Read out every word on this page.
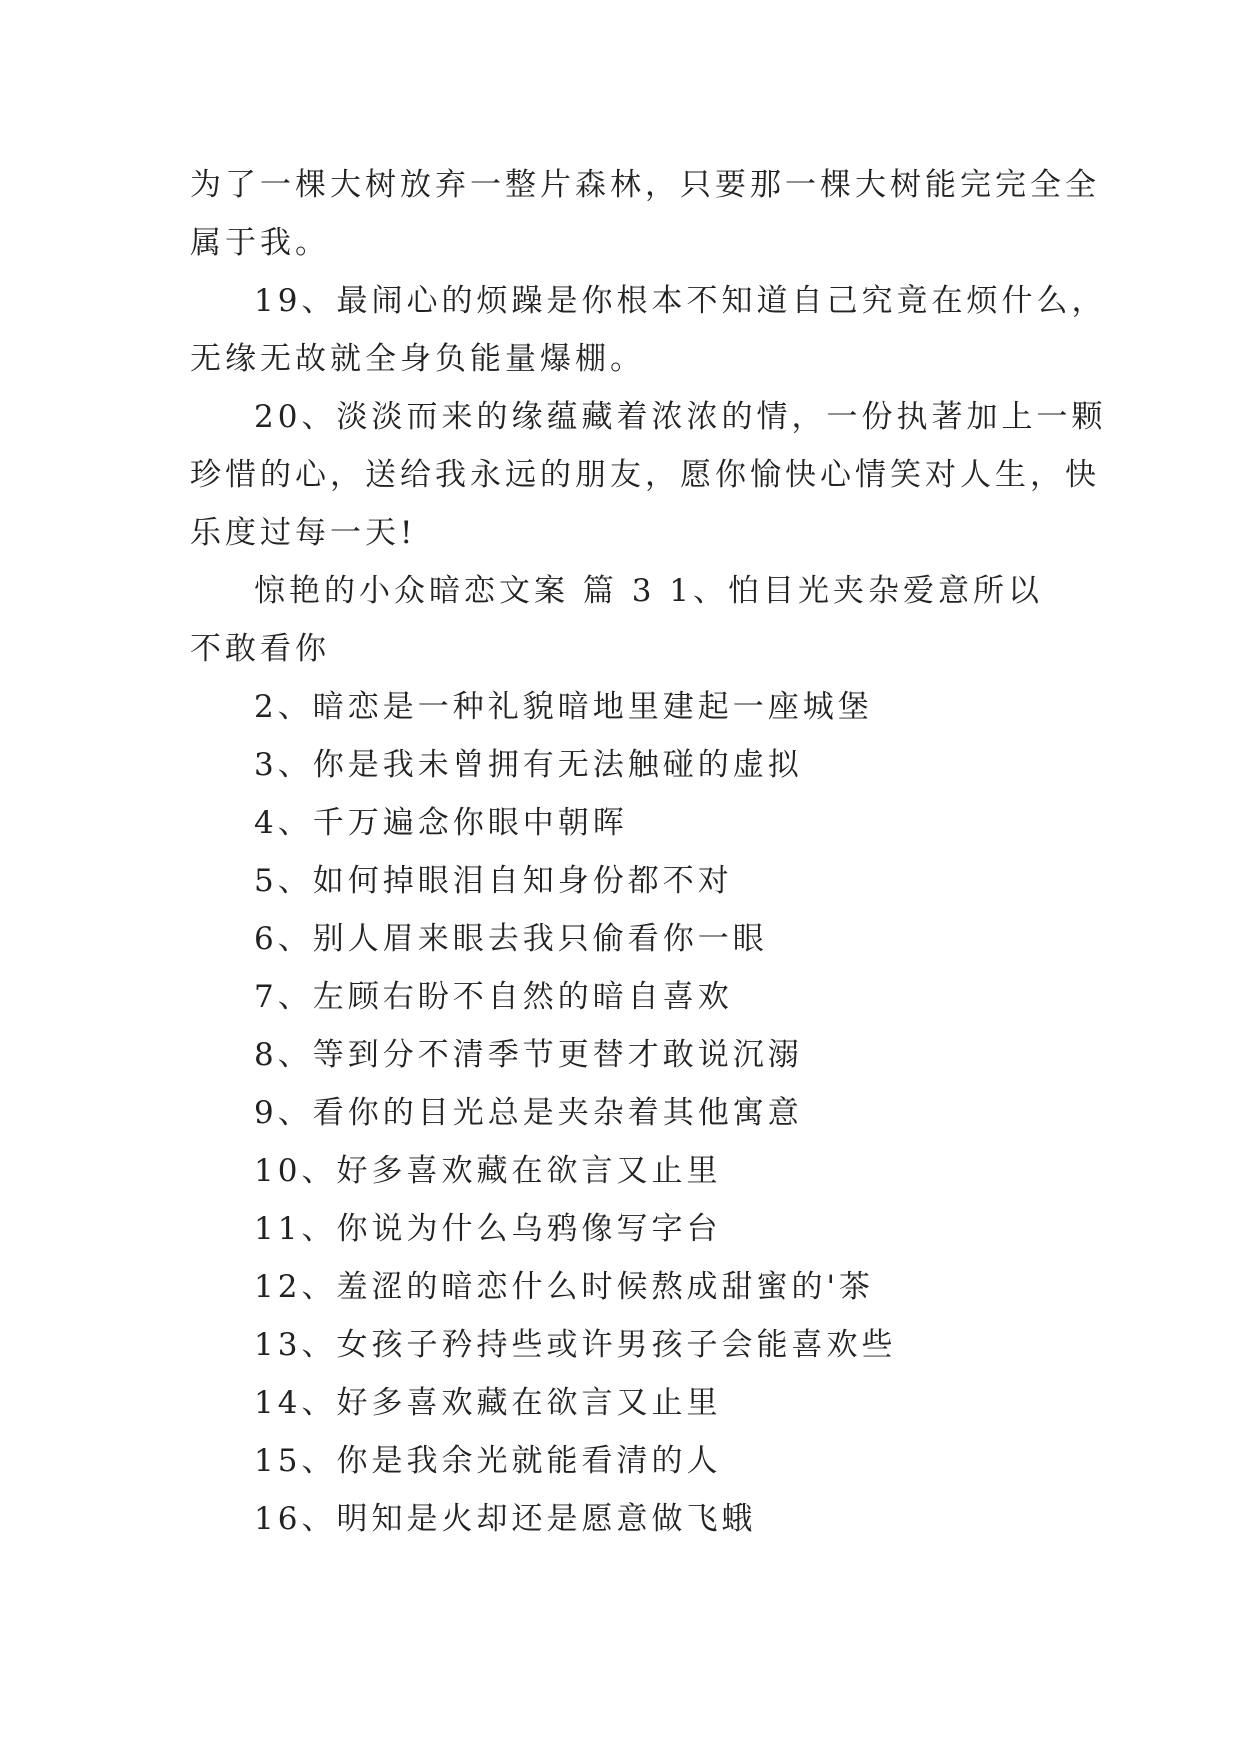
为了一棵大树放弃一整片森林，只要那一棵大树能完完全全
属于我。
19、最闹心的烦躁是你根本不知道自己究竟在烦什么，
无缘无故就全身负能量爆棚。
20、淡淡而来的缘蕴藏着浓浓的情，一份执著加上一颗
珍惜的心，送给我永远的朋友，愿你愉快心情笑对人生，快
乐度过每一天!
惊艳的小众暗恋文案 篇 3 1、怕目光夹杂爱意所以
不敢看你
2、暗恋是一种礼貌暗地里建起一座城堡
3、你是我未曾拥有无法触碰的虚拟
4、千万遍念你眼中朝晖
5、如何掉眼泪自知身份都不对
6、别人眉来眼去我只偷看你一眼
7、左顾右盼不自然的暗自喜欢
8、等到分不清季节更替才敢说沉溺
9、看你的目光总是夹杂着其他寓意
10、好多喜欢藏在欲言又止里
11、你说为什么乌鸦像写字台
12、羞涩的暗恋什么时候熬成甜蜜的'茶
13、女孩子矜持些或许男孩子会能喜欢些
14、好多喜欢藏在欲言又止里
15、你是我余光就能看清的人
16、明知是火却还是愿意做飞蛾
